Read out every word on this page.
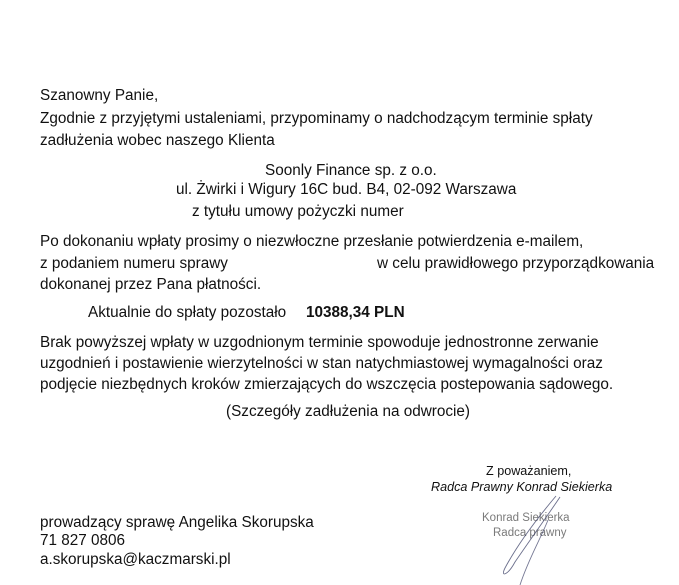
Szanowny Panie,
Zgodnie z przyjętymi ustaleniami, przypominamy o nadchodzącym terminie spłaty
zadłużenia wobec naszego Klienta
Soonly Finance sp. z o.o.
ul. Żwirki i Wigury 16C bud. B4, 02-092 Warszawa
z tytułu umowy pożyczki numer
Po dokonaniu wpłaty prosimy o niezwłoczne przesłanie potwierdzenia e-mailem,
z podaniem numeru sprawy	w celu prawidłowego przyporządkowania
dokonanej przez Pana płatności.
Aktualnie do spłaty pozostało 10388,34 PLN
Brak powyższej wpłaty w uzgodnionym terminie spowoduje jednostronne zerwanie
uzgodnień i postawienie wierzytelności w stan natychmiastowej wymagalności oraz
podjęcie niezbędnych kroków zmierzających do wszczęcia postepowania sądowego.
(Szczegóły zadłużenia na odwrocie)
Z poważaniem,
Radca Prawny Konrad Siekierka
Konrad Siekierka
Radca prawny
prowadzący sprawę Angelika Skorupska
71 827 0806
a.skorupska@kaczmarski.pl
